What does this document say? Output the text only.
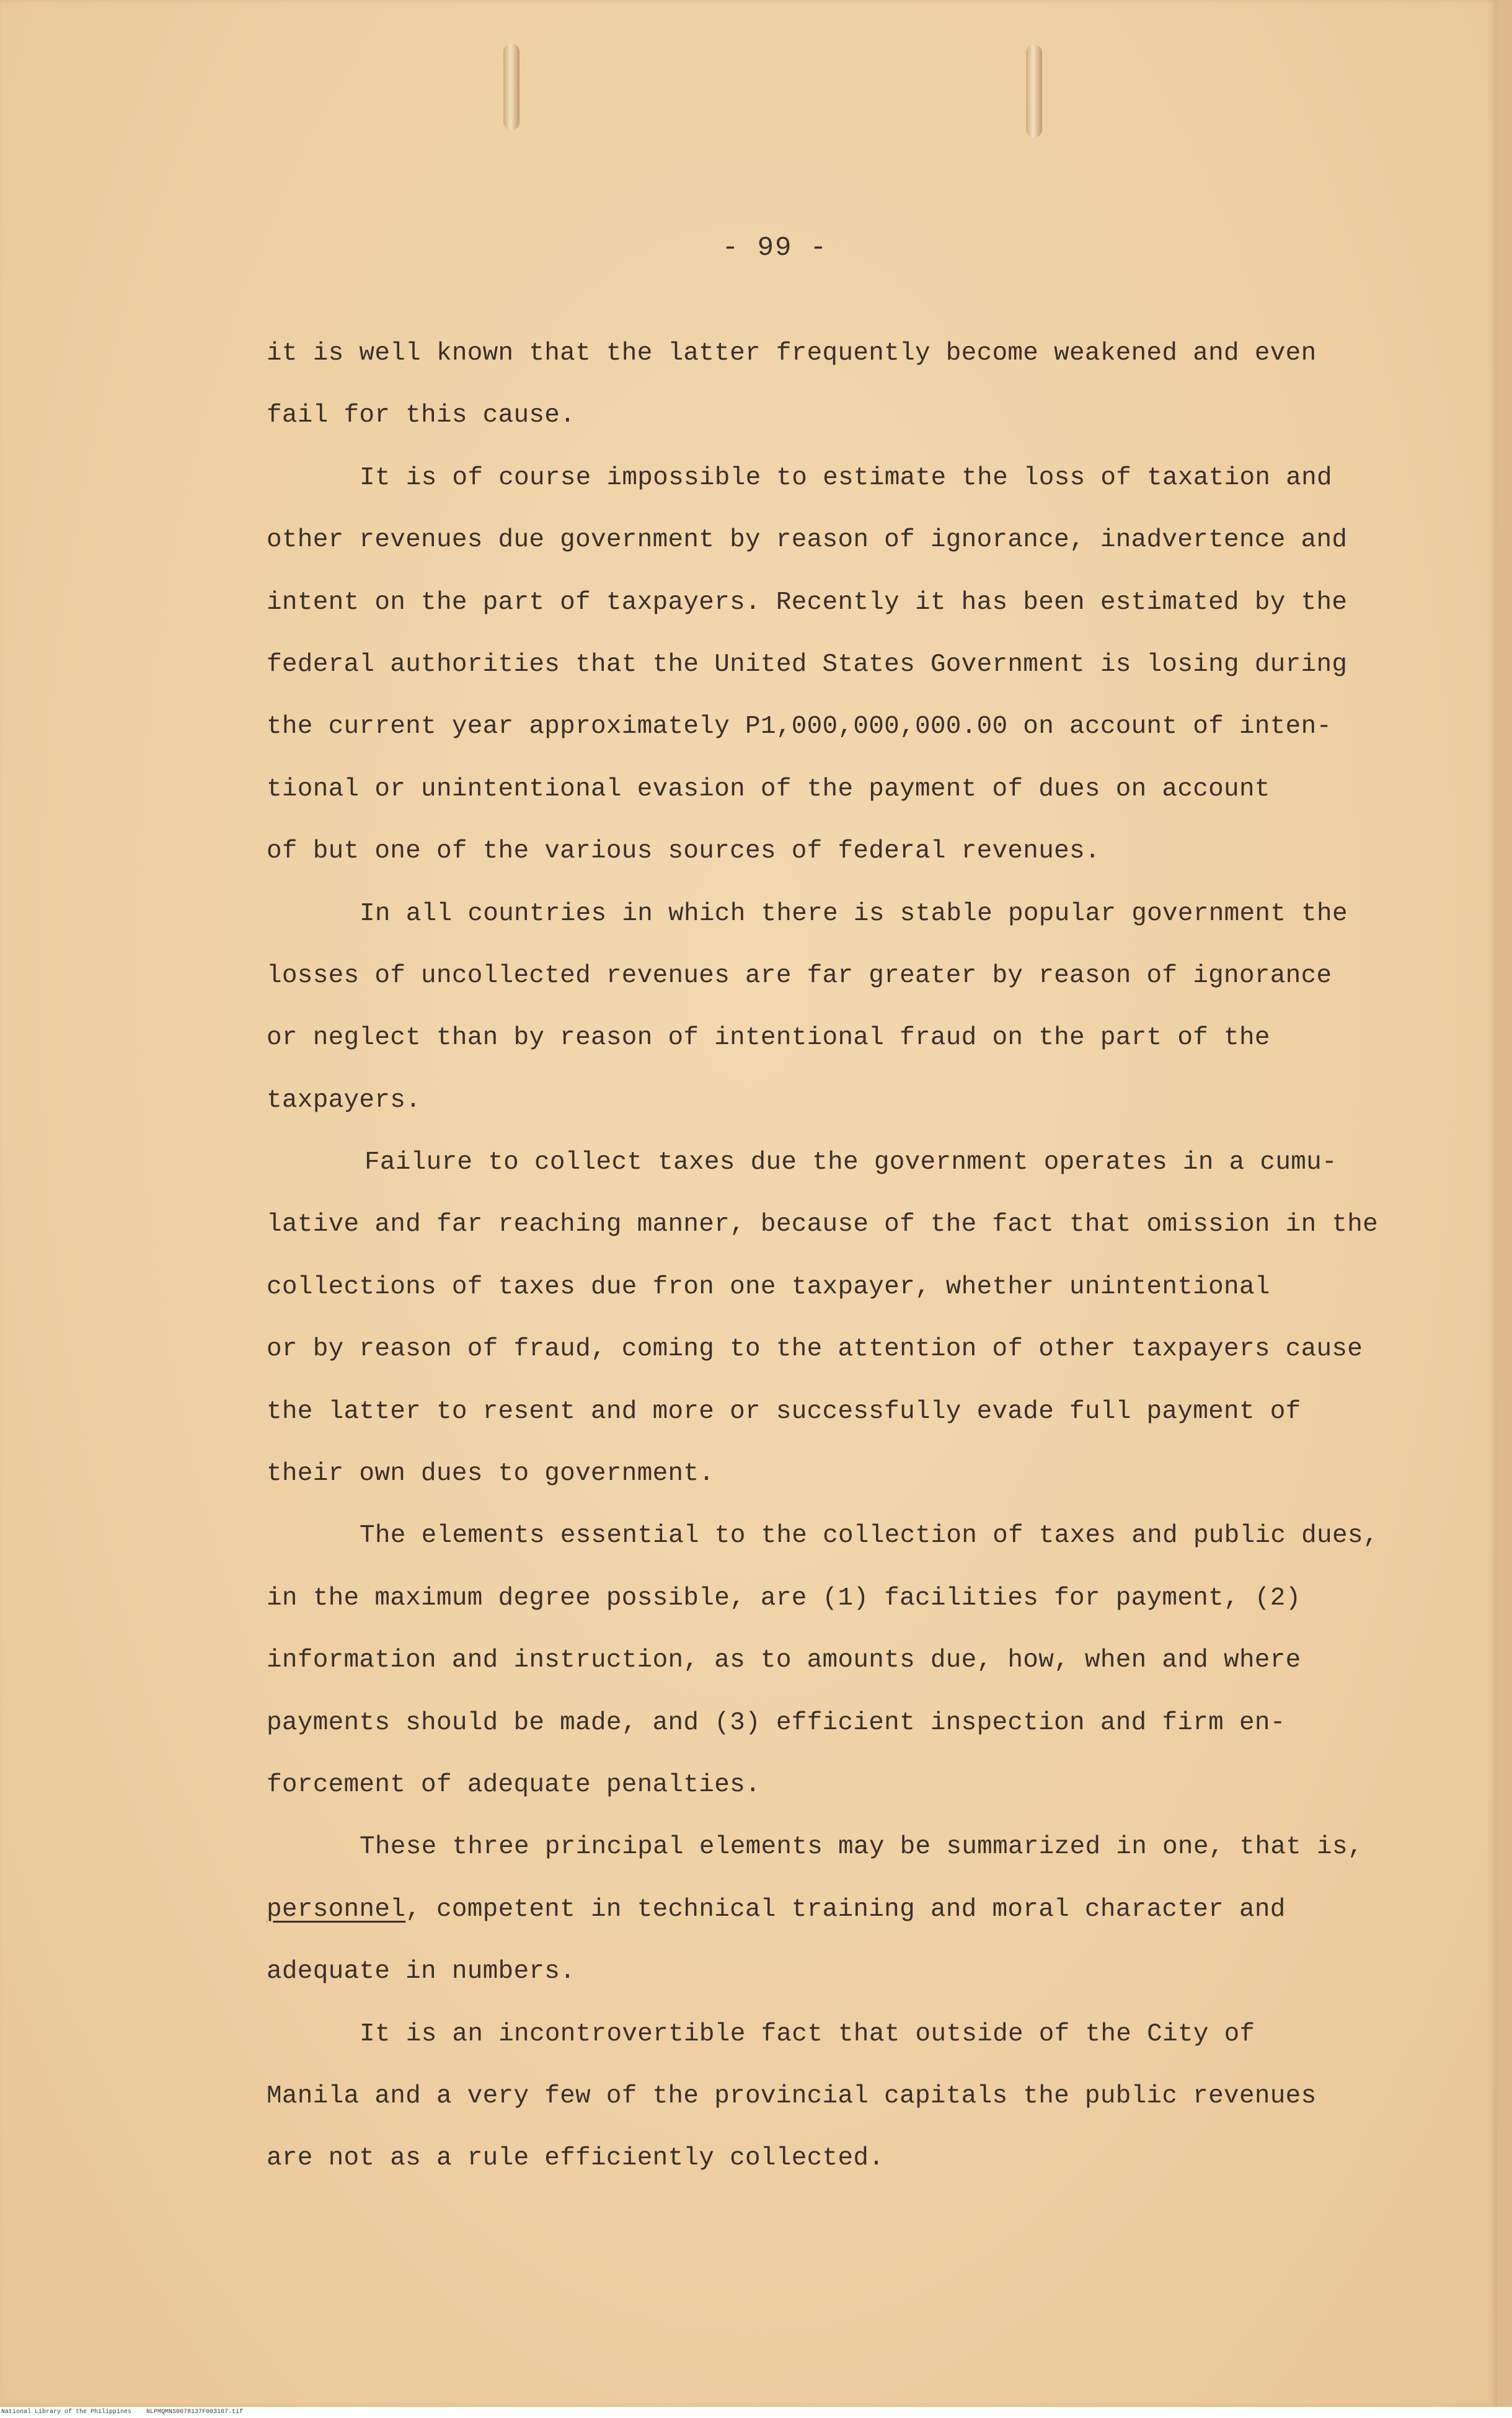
- 99 -
it is well known that the latter frequently become weakened and even
fail for this cause.
It is of course impossible to estimate the loss of taxation and
other revenues due government by reason of ignorance, inadvertence and
intent on the part of taxpayers. Recently it has been estimated by the
federal authorities that the United States Government is losing during
the current year approximately P1,000,000,000.00 on account of inten-
tional or unintentional evasion of the payment of dues on account
of but one of the various sources of federal revenues.
In all countries in which there is stable popular government the
losses of uncollected revenues are far greater by reason of ignorance
or neglect than by reason of intentional fraud on the part of the
taxpayers.
Failure to collect taxes due the government operates in a cumu-
lative and far reaching manner, because of the fact that omission in the
collections of taxes due fron one taxpayer, whether unintentional
or by reason of fraud, coming to the attention of other taxpayers cause
the latter to resent and more or successfully evade full payment of
their own dues to government.
The elements essential to the collection of taxes and public dues,
in the maximum degree possible, are (1) facilities for payment, (2)
information and instruction, as to amounts due, how, when and where
payments should be made, and (3) efficient inspection and firm en-
forcement of adequate penalties.
These three principal elements may be summarized in one, that is,
personnel, competent in technical training and moral character and
adequate in numbers.
It is an incontrovertible fact that outside of the City of
Manila and a very few of the provincial capitals the public revenues
are not as a rule efficiently collected.
National Library of the Philippines    NLPMQMNS0078137F003107.tif
